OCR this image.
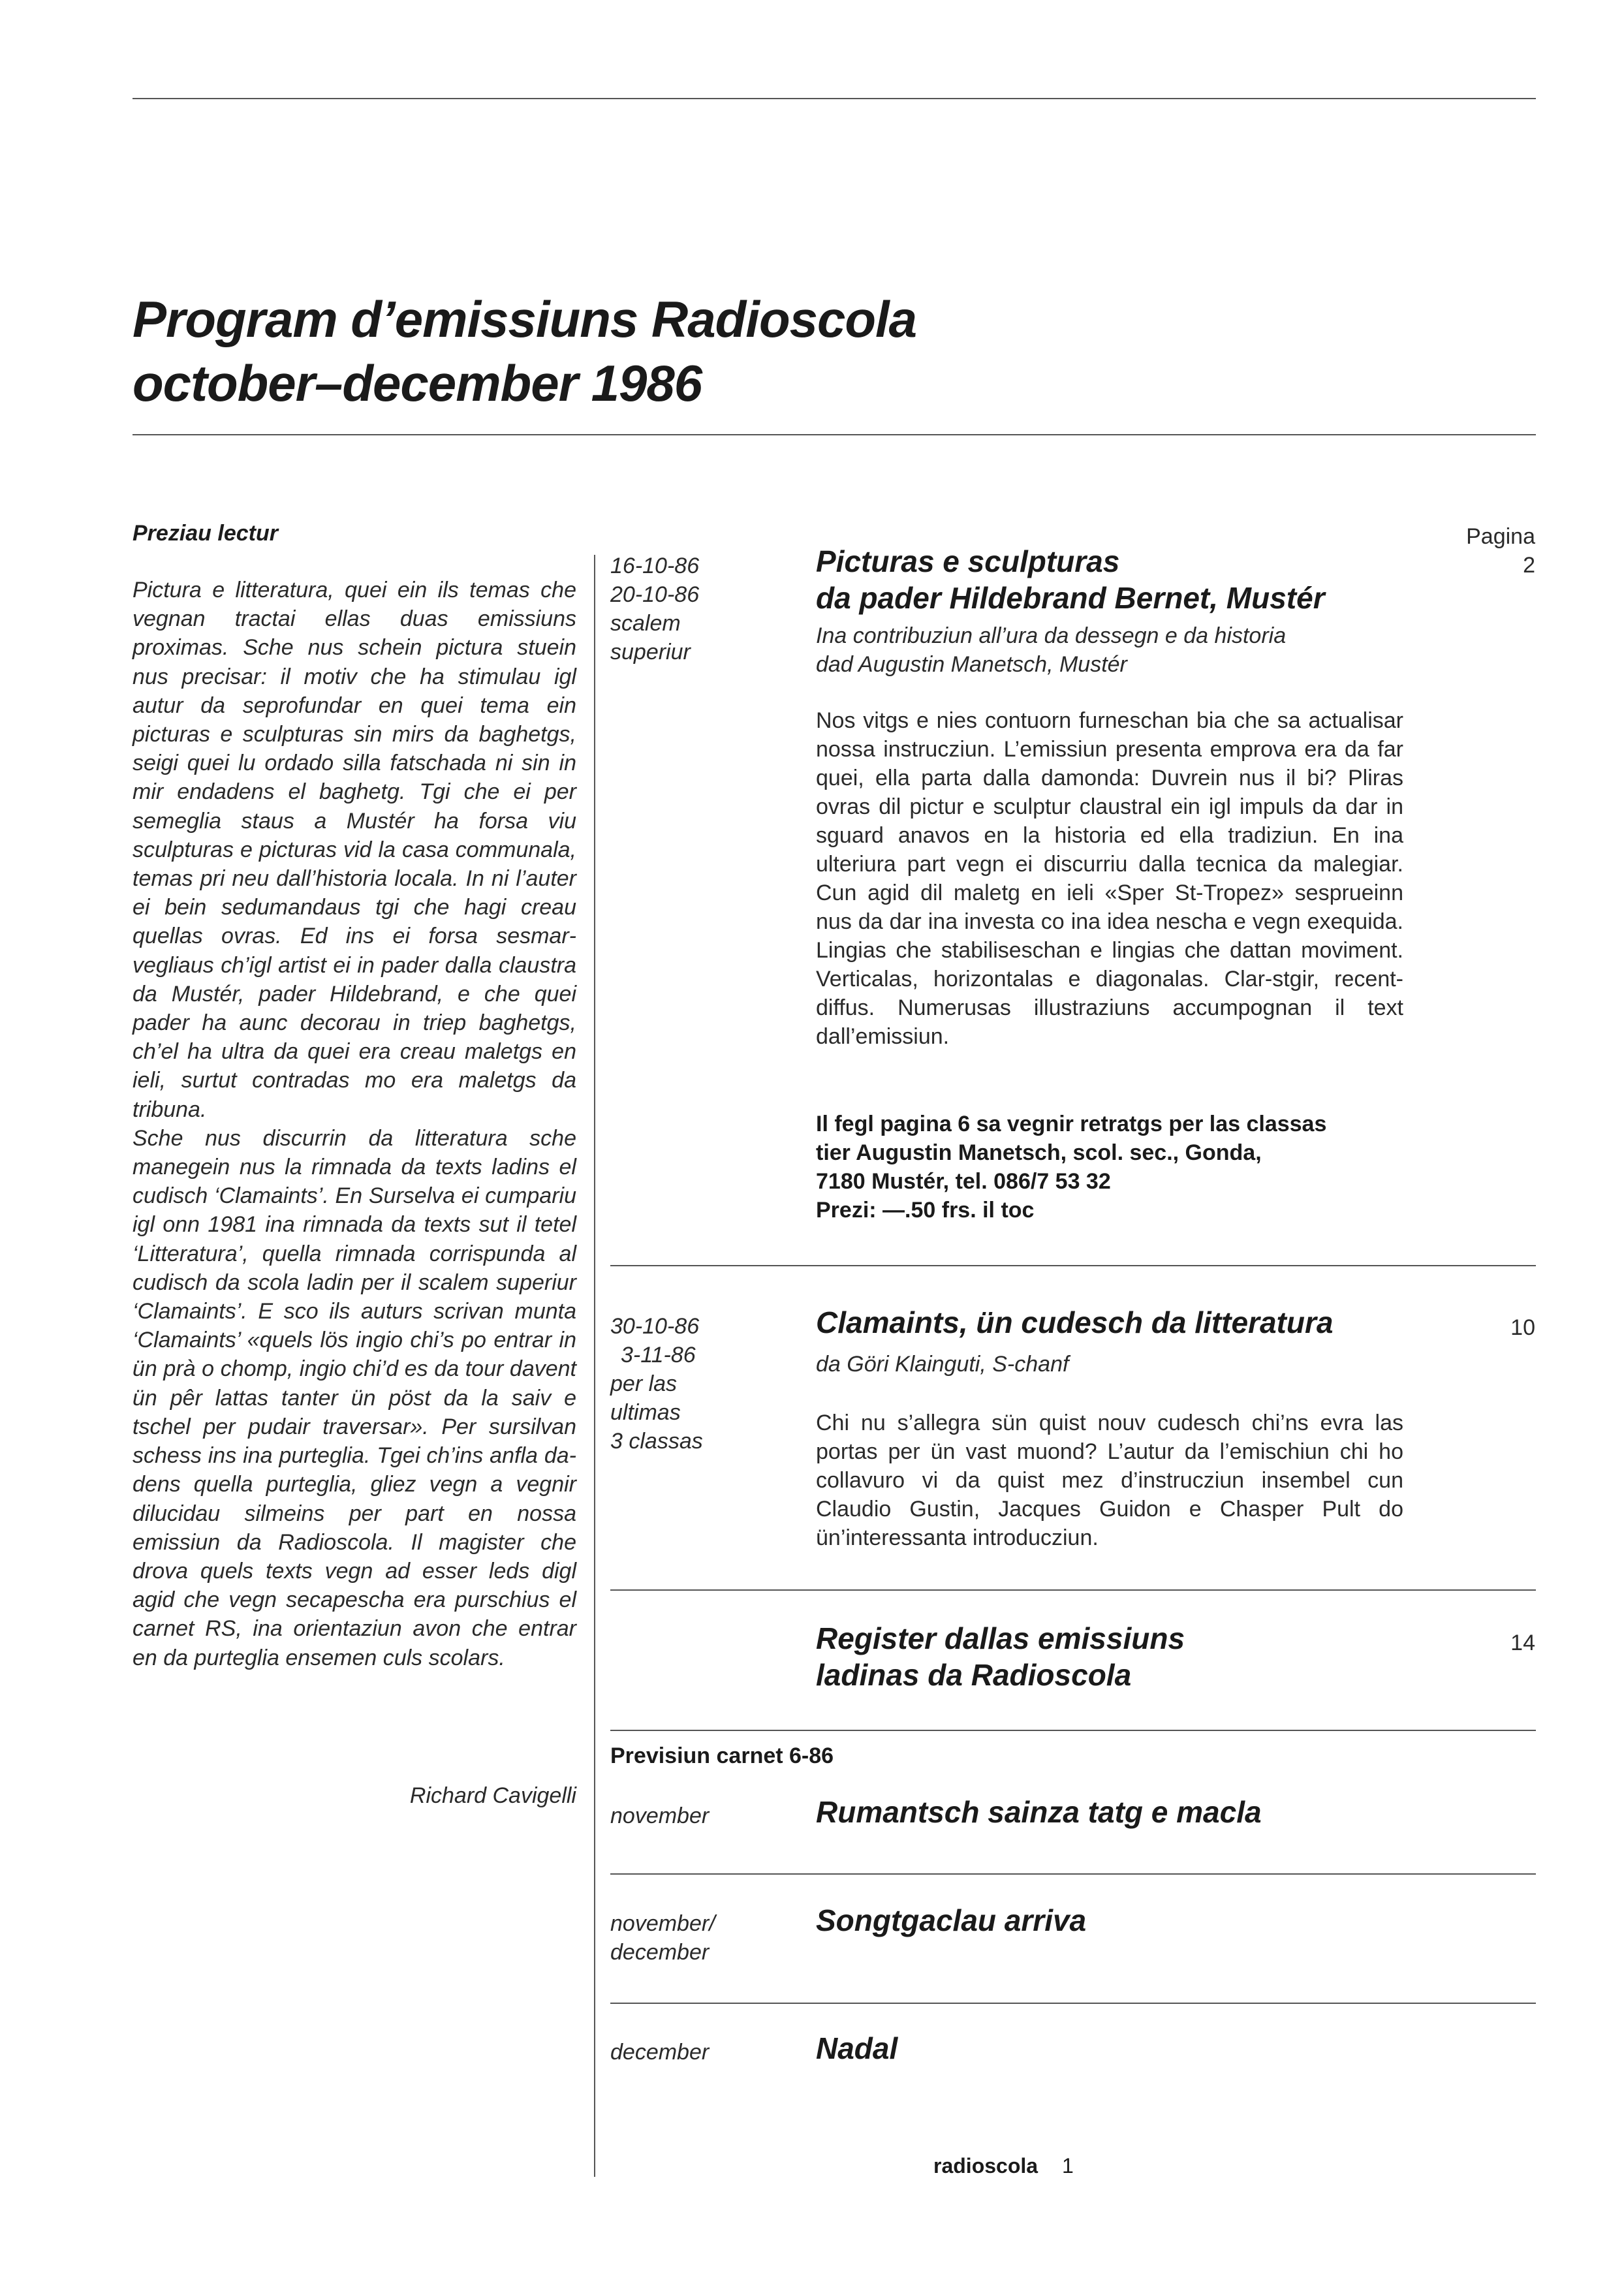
Program d’emissiuns Radioscola
october–december 1986
Preziau lectur

Pictura e litteratura, quei ein ils temas che vegnan tractai ellas duas emissiuns proximas. Sche nus schein pictura stuein nus precisar: il motiv che ha stimulau igl autur da seprofundar en quei tema ein picturas e sculpturas sin mirs da baghetgs, seigi quei lu ordado silla fatschada ni sin in mir endadens el baghetg. Tgi che ei per semeglia staus a Mustér ha forsa viu sculpturas e picturas vid la casa communala, temas pri neu dall’historia locala. In ni l’auter ei bein sedumandaus tgi che hagi creau quellas ovras. Ed ins ei forsa sesmarvegliaus ch’igl artist ei in pader dalla claustra da Mustér, pader Hildebrand, e che quei pader ha aunc decorau in triep baghetgs, ch’el ha ultra da quei era creau maletgs en ieli, surtut contradas mo era maletgs da tribuna.

Sche nus discurrin da litteratura sche manegein nus la rimnada da texts ladins el cudisch ‘Clamaints’. En Surselva ei cumpariu igl onn 1981 ina rimnada da texts sut il tetel ‘Litteratura’, quella rimnada corrispunda al cudisch da scola ladin per il scalem superiur ‘Clamaints’. E sco ils auturs scrivan munta ‘Clamaints’ «quels lös ingio chi’s po entrar in ün prà o chomp, ingio chi’d es da tour davent ün pêr lattas tanter ün pöst da la saiv e tschel per pudair traversar». Per sursilvan schess ins ina purteglia. Tgei ch’ins anfla dadens quella purteglia, gliez vegn a vegnir dilucidau silmeins per part en nossa emissiun da Radioscola. Il magister che drova quels texts vegn ad esser leds digl agid che vegn secapescha era purschius el carnet RS, ina orientaziun avon che entrar en da purteglia ensemen culs scolars.

Richard Cavigelli
Pagina
16-10-86
20-10-86
scalem
superiur
Picturas e sculpturas
da pader Hildebrand Bernet, Mustér
Ina contribuziun all’ura da dessegn e da historia
dad Augustin Manetsch, Mustér

Nos vitgs e nies contuorn furneschan bia che sa actualisar nossa instrucziun. L’emissiun presenta emprova era da far quei, ella parta dalla damonda: Duvrein nus il bi? Pliras ovras dil pictur e sculptur claustral ein igl impuls da dar in sguard anavos en la historia ed ella tradiziun. En ina ulteriura part vegn ei discurriu dalla tecnica da malegiar. Cun agid dil maletg en ieli «Sper St-Tropez» sesprueinn nus da dar ina investa co ina idea nescha e vegn exequida. Lingias che stabiliseschan e lingias che dattan moviment. Verticalas, horizontalas e diagonalas. Clar-stgir, recent-diffus. Numerusas illustraziuns accumpognan il text dall’emissiun.

Il fegl pagina 6 sa vegnir retratgs per las classas
tier Augustin Manetsch, scol. sec., Gonda,
7180 Mustér, tel. 086/7 53 32
Prezi: —.50 frs. il toc
2
30-10-86
3-11-86
per las
ultimas
3 classas
Clamaints, ün cudesch da litteratura
da Göri Klainguti, S-chanf

Chi nu s’allegra sün quist nouv cudesch chi’ns evra las portas per ün vast muond? L’autur da l’emischiun chi ho collavuro vi da quist mez d’instrucziun insembel cun Claudio Gustin, Jacques Guidon e Chasper Pult do ün’interessanta introducziun.

10
Register dallas emissiuns
ladinas da Radioscola
14
Previsiun carnet 6-86
november	Rumantsch sainza tatg e macla
november/
december
Songtgaclau arriva
december	Nadal
radioscola 1
